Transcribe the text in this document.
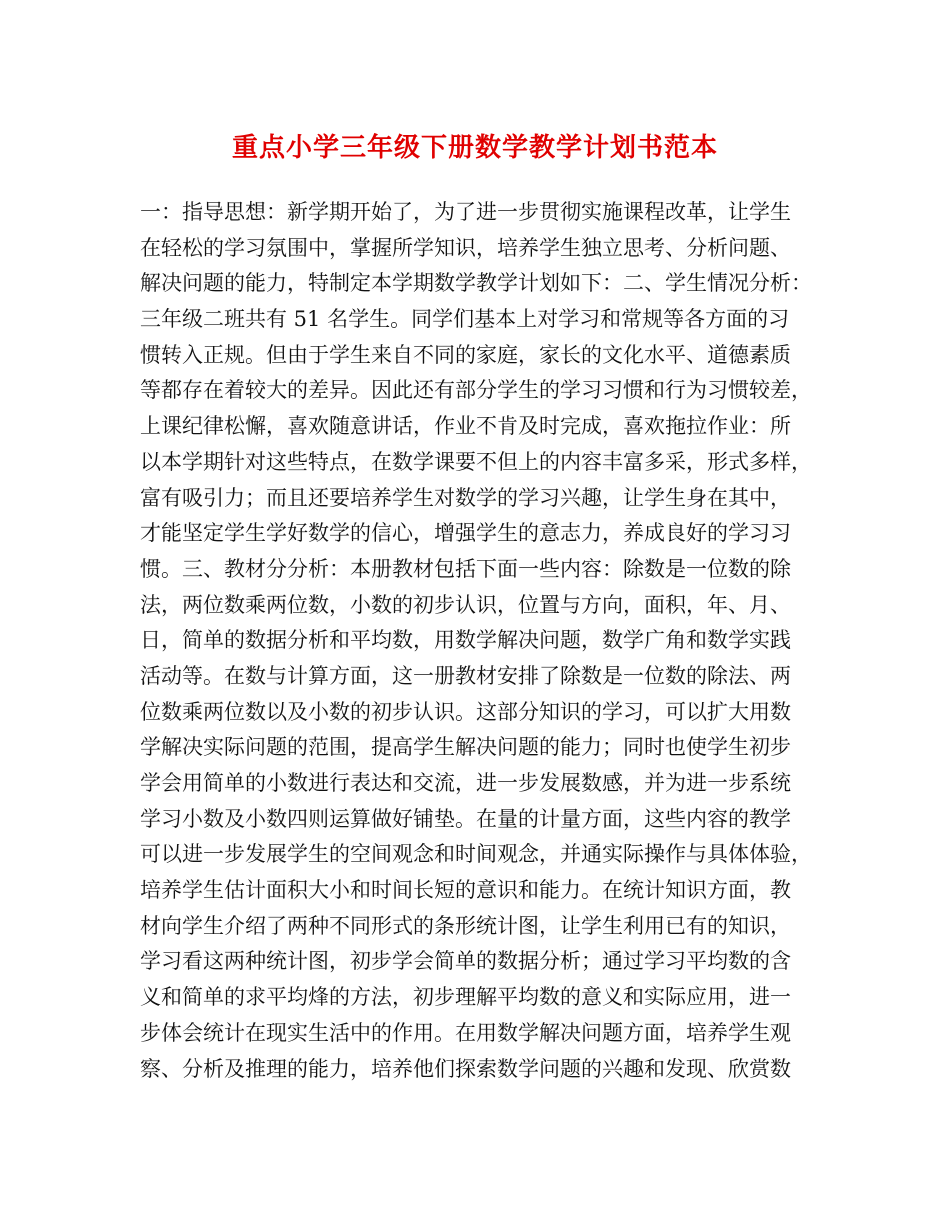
重点小学三年级下册数学教学计划书范本
一：指导思想：新学期开始了，为了进一步贯彻实施课程改革，让学生
在轻松的学习氛围中，掌握所学知识，培养学生独立思考、分析问题、
解决问题的能力，特制定本学期数学教学计划如下：二、学生情况分析：
三年级二班共有 51 名学生。同学们基本上对学习和常规等各方面的习
惯转入正规。但由于学生来自不同的家庭，家长的文化水平、道德素质
等都存在着较大的差异。因此还有部分学生的学习习惯和行为习惯较差，
上课纪律松懈，喜欢随意讲话，作业不肯及时完成，喜欢拖拉作业：所
以本学期针对这些特点，在数学课要不但上的内容丰富多采，形式多样，
富有吸引力；而且还要培养学生对数学的学习兴趣，让学生身在其中，
才能坚定学生学好数学的信心，增强学生的意志力，养成良好的学习习
惯。三、教材分分析：本册教材包括下面一些内容：除数是一位数的除
法，两位数乘两位数，小数的初步认识，位置与方向，面积，年、月、
日，简单的数据分析和平均数，用数学解决问题，数学广角和数学实践
活动等。在数与计算方面，这一册教材安排了除数是一位数的除法、两
位数乘两位数以及小数的初步认识。这部分知识的学习，可以扩大用数
学解决实际问题的范围，提高学生解决问题的能力；同时也使学生初步
学会用简单的小数进行表达和交流，进一步发展数感，并为进一步系统
学习小数及小数四则运算做好铺垫。在量的计量方面，这些内容的教学
可以进一步发展学生的空间观念和时间观念，并通实际操作与具体体验，
培养学生估计面积大小和时间长短的意识和能力。在统计知识方面，教
材向学生介绍了两种不同形式的条形统计图，让学生利用已有的知识，
学习看这两种统计图，初步学会简单的数据分析；通过学习平均数的含
义和简单的求平均烽的方法，初步理解平均数的意义和实际应用，进一
步体会统计在现实生活中的作用。在用数学解决问题方面，培养学生观
察、分析及推理的能力，培养他们探索数学问题的兴趣和发现、欣赏数
